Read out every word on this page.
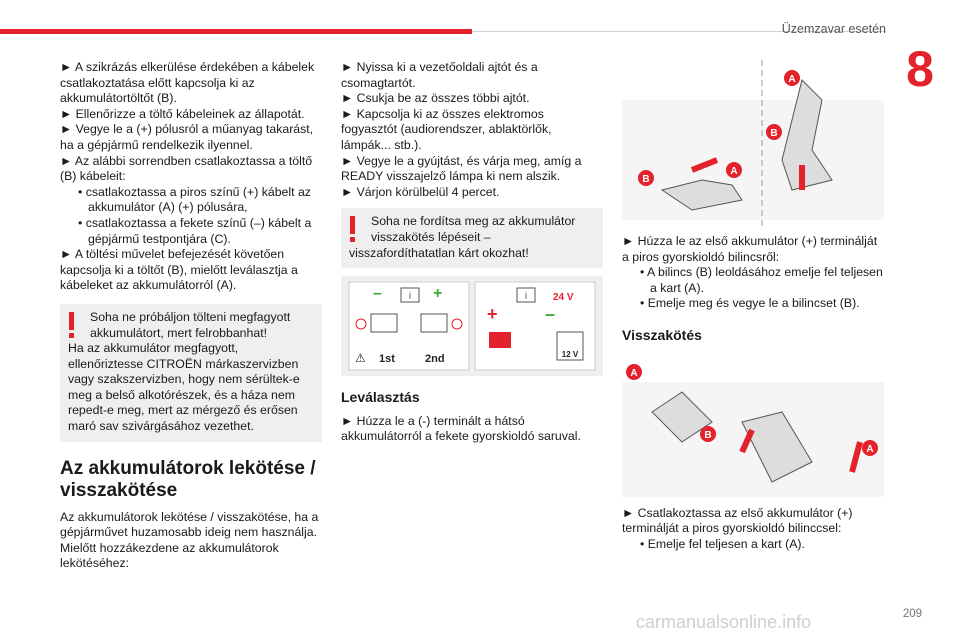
Üzemzavar esetén
8

► A szikrázás elkerülése érdekében a kábelek csatlakoztatása előtt kapcsolja ki az akkumulátortöltőt (B).

► Ellenőrizze a töltő kábeleinek az állapotát.

► Vegye le a (+) pólusról a műanyag takarást, ha a gépjármű rendelkezik ilyennel.

► Az alábbi sorrendben csatlakoztassa a töltő (B) kábeleit:

• csatlakoztassa a piros színű (+) kábelt az akkumulátor (A) (+) pólusára,

• csatlakoztassa a fekete színű (–) kábelt a gépjármű testpontjára (C).

► A töltési művelet befejezését követően kapcsolja ki a töltőt (B), mielőtt leválasztja a kábeleket az akkumulátorról (A).

Soha ne próbáljon tölteni megfagyott akkumulátort, mert felrobbanhat!
Ha az akkumulátor megfagyott, ellenőriztesse CITROËN márkaszervizben vagy szakszervizben, hogy nem sérültek-e meg a belső alkotórészek, és a háza nem repedt-e meg, mert az mérgező és erősen maró sav szivárgásához vezethet.
Az akkumulátorok lekötése / visszakötése

Az akkumulátorok lekötése / visszakötése, ha a gépjárművet huzamosabb ideig nem használja. Mielőtt hozzákezdene az akkumulátorok lekötéséhez:

► Nyissa ki a vezetőoldali ajtót és a csomagtartót.

► Csukja be az összes többi ajtót.

► Kapcsolja ki az összes elektromos fogyasztót (audiorendszer, ablaktörlők, lámpák... stb.).

► Vegye le a gyújtást, és várja meg, amíg a READY visszajelző lámpa ki nem alszik.

► Várjon körülbelül 4 percet.

Soha ne fordítsa meg az akkumulátor visszakötés lépéseit –
visszafordíthatatlan kárt okozhat!
i
–	+
1st	2nd
⚠
i	24 V
+	–
12 V
Leválasztás

► Húzza le a (-) terminált a hátsó akkumulátorról a fekete gyorskioldó saruval.

A
A
B
B

► Húzza le az első akkumulátor (+) terminálját a piros gyorskioldó bilincsről:

• A bilincs (B) leoldásához emelje fel teljesen a kart (A).

• Emelje meg és vegye le a bilincset (B).

Visszakötés
A
B
A

► Csatlakoztassa az első akkumulátor (+) terminálját a piros gyorskioldó bilinccsel:

• Emelje fel teljesen a kart (A).

209
carmanualsonline.info
